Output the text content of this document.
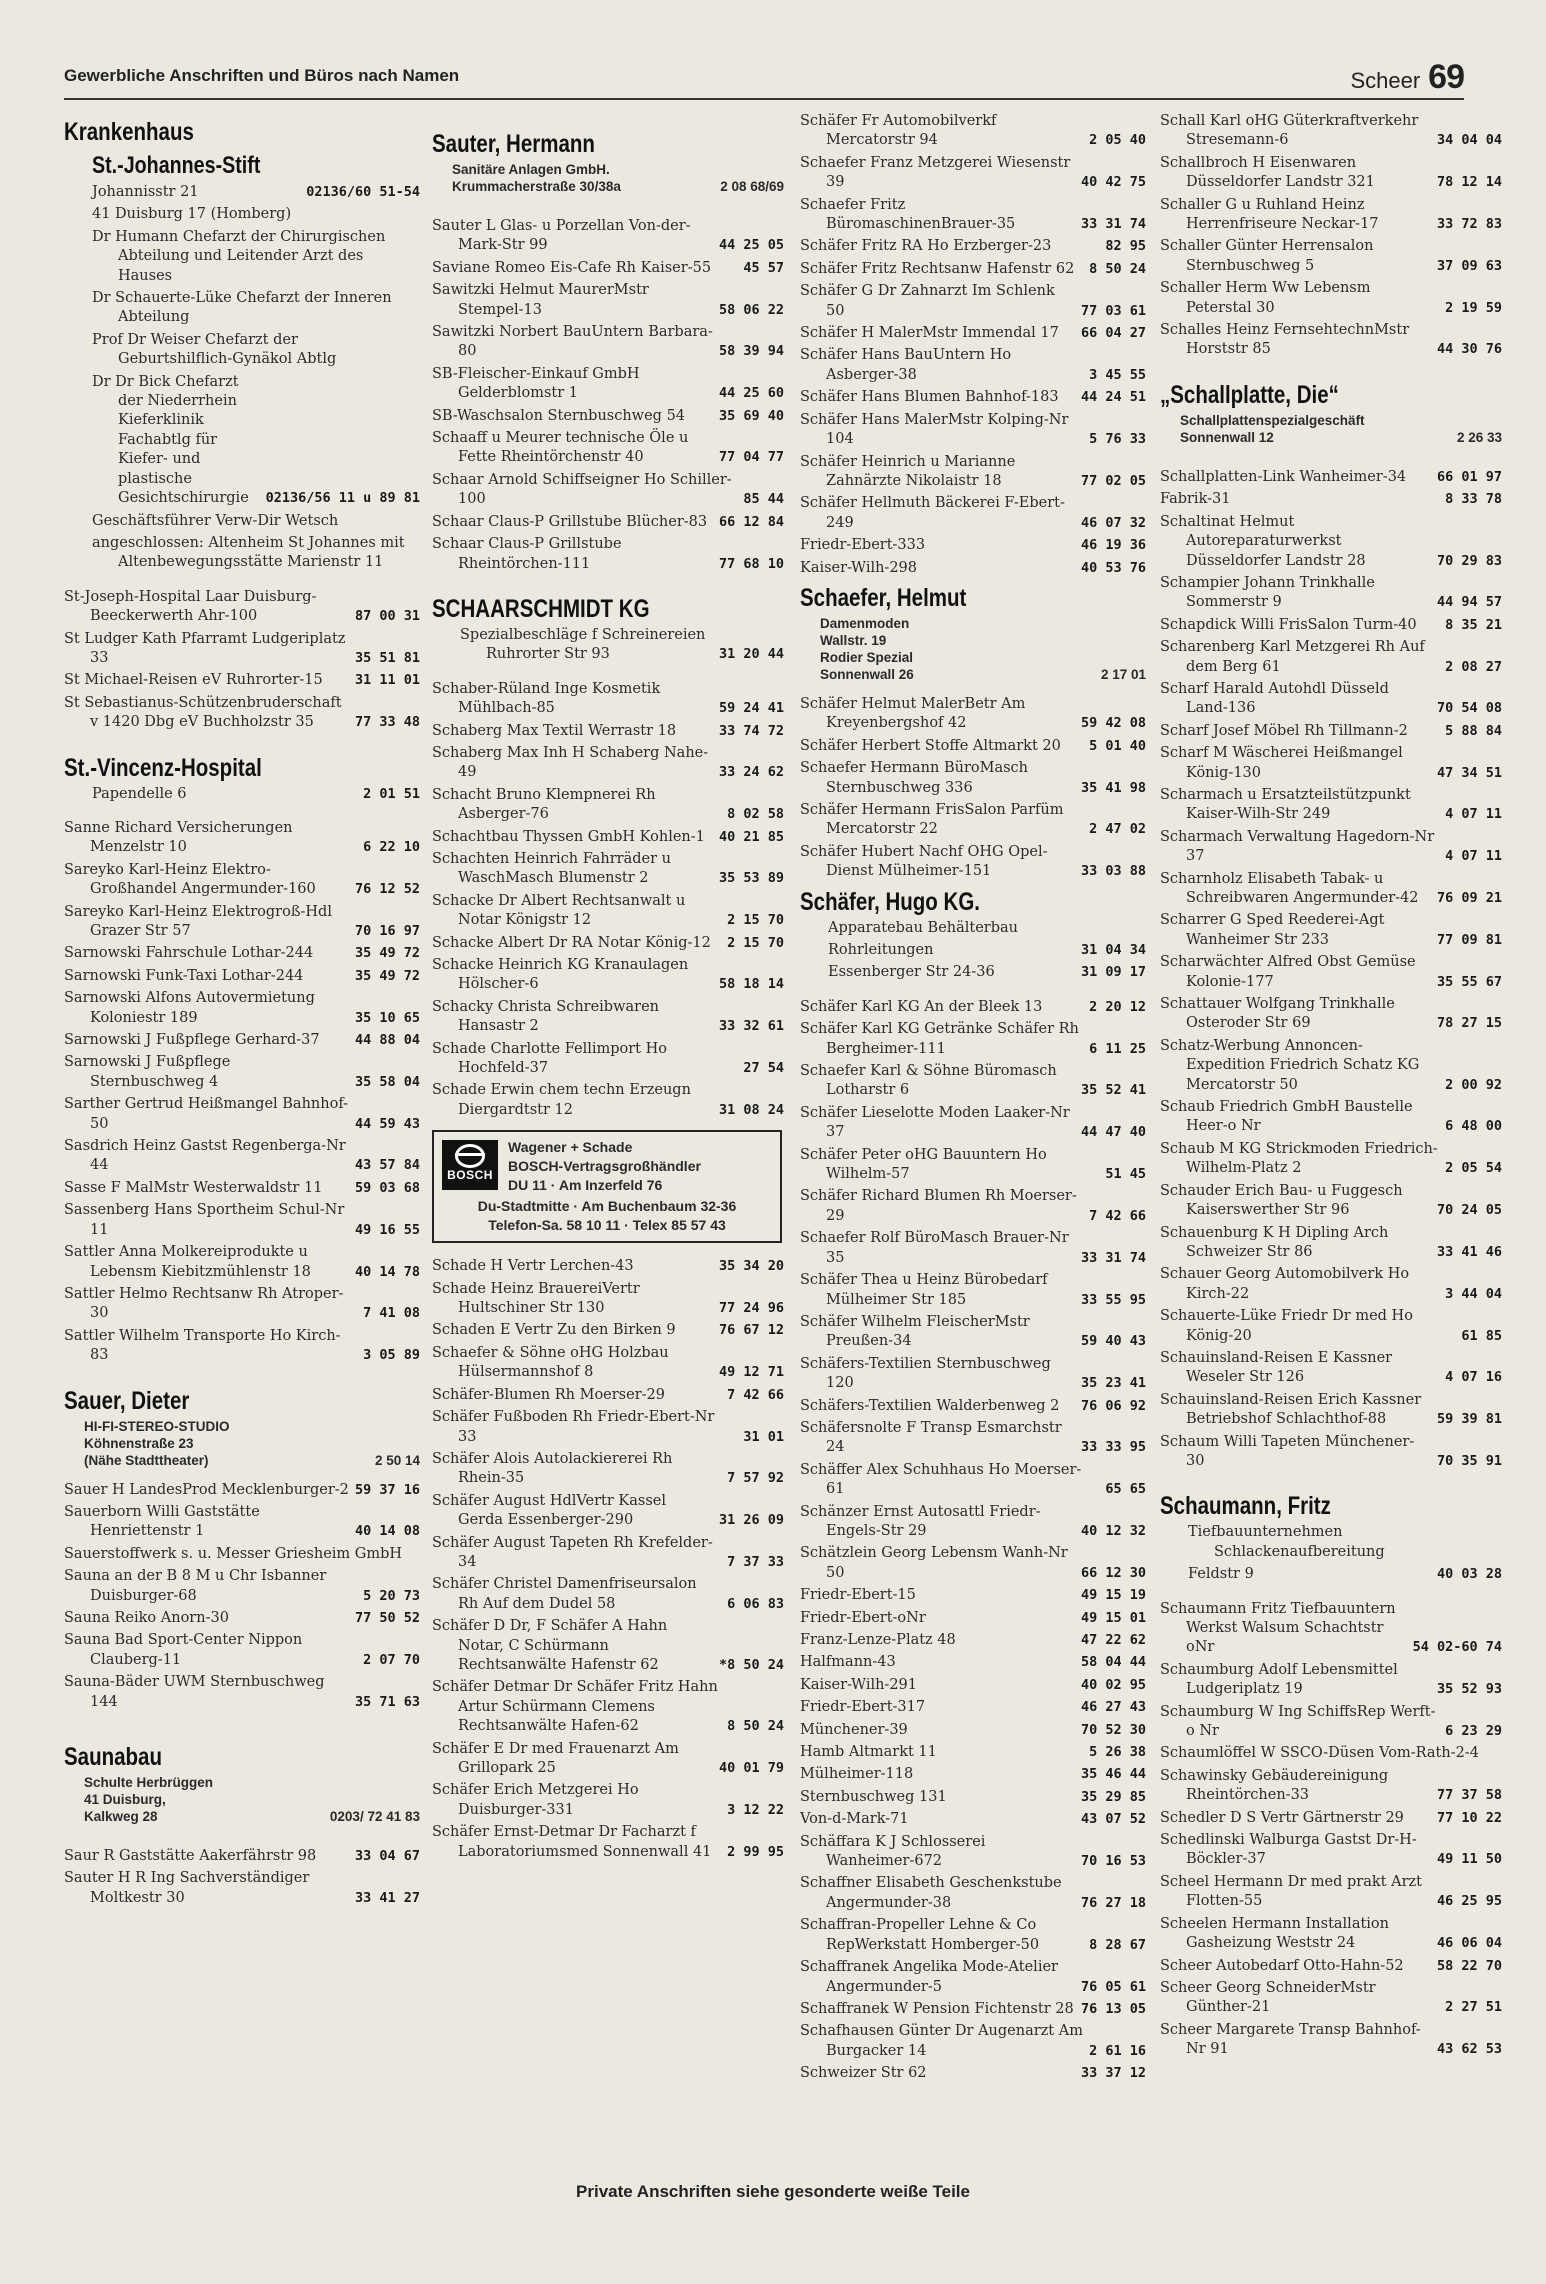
Gewerbliche Anschriften und Büros nach Namen	Scheer 69
Krankenhaus
St.-Johannes-Stift
Johannisstr 21	02136/60 51-54
41 Duisburg 17 (Homberg)
Dr Humann Chefarzt der Chirurgischen Abteilung und Leitender Arzt des Hauses
Dr Schauerte-Lüke Chefarzt der Inneren Abteilung
Prof Dr Weiser Chefarzt der Geburtshilflich-Gynäkol Abtlg
Dr Dr Bick Chefarzt der Niederrhein Kieferklinik Fachabtlg für Kiefer- und plastische Gesichtschirurgie	02136/56 11 u 89 81
Geschäftsführer Verw-Dir Wetsch
angeschlossen: Altenheim St Johannes mit Altenbewegungsstätte Marienstr 11
St-Joseph-Hospital Laar Duisburg-Beeckerwerth Ahr-100	87 00 31
St Ludger Kath Pfarramt Ludgeriplatz 33	35 51 81
St Michael-Reisen eV Ruhrorter-15	31 11 01
St Sebastianus-Schützenbruderschaft v 1420 Dbg eV Buchholzstr 35	77 33 48
St.-Vincenz-Hospital
Papendelle 6	2 01 51
Sanne Richard Versicherungen Menzelstr 10	6 22 10
Sareyko Karl-Heinz Elektro-Großhandel Angermunder-160	76 12 52
Sareyko Karl-Heinz Elektrogroß-Hdl Grazer Str 57	70 16 97
Sarnowski Fahrschule Lothar-244	35 49 72
Sarnowski Funk-Taxi Lothar-244	35 49 72
Sarnowski Alfons Autovermietung Koloniestr 189	35 10 65
Sarnowski J Fußpflege Gerhard-37	44 88 04
Sarnowski J Fußpflege Sternbuschweg 4	35 58 04
Sarther Gertrud Heißmangel Bahnhof-50	44 59 43
Sasdrich Heinz Gastst Regenberga-Nr 44	43 57 84
Sasse F MalMstr Westerwaldstr 11	59 03 68
Sassenberg Hans Sportheim Schul-Nr 11	49 16 55
Sattler Anna Molkereiprodukte u Lebensm Kiebitzmühlenstr 18	40 14 78
Sattler Helmo Rechtsanw Rh Atroper-30	7 41 08
Sattler Wilhelm Transporte Ho Kirch-83	3 05 89
Sauer, Dieter
HI-FI-STEREO-STUDIO
Köhnenstraße 23
(Nähe Stadttheater)	2 50 14
Sauer H LandesProd Mecklenburger-2 59 37 16
Sauerborn Willi Gaststätte Henriettenstr 1	40 14 08
Sauerstoffwerk s. u. Messer Griesheim GmbH
Sauna an der B 8 M u Chr Isbanner Duisburger-68	5 20 73
Sauna Reiko Anorn-30	77 50 52
Sauna Bad Sport-Center Nippon Clauberg-11	2 07 70
Sauna-Bäder UWM Sternbuschweg 144	35 71 63
Saunabau
Schulte Herbrüggen
41 Duisburg,
Kalkweg 28	0203/ 72 41 83
Saur R Gaststätte Aakerfährstr 98	33 04 67
Sauter H R Ing Sachverständiger Moltkestr 30	33 41 27
Sauter, Hermann
Sanitäre Anlagen GmbH.
Krummacherstraße 30/38a	2 08 68/69
Sauter L Glas- u Porzellan Von-der-Mark-Str 99	44 25 05
Saviane Romeo Eis-Cafe Rh Kaiser-55	45 57
Sawitzki Helmut MaurerMstr Stempel-13	58 06 22
Sawitzki Norbert BauUntern Barbara-80	58 39 94
SB-Fleischer-Einkauf GmbH Gelderblomstr 1	44 25 60
SB-Waschsalon Sternbuschweg 54	35 69 40
Schaaff u Meurer technische Öle u Fette Rheintörchenstr 40	77 04 77
Schaar Arnold Schiffseigner Ho Schiller-100	85 44
Schaar Claus-P Grillstube Blücher-83 66 12 84
Schaar Claus-P Grillstube Rheintörchen-111	77 68 10
SCHAARSCHMIDT KG
Spezialbeschläge f Schreinereien Ruhrorter Str 93	31 20 44
Schaber-Rüland Inge Kosmetik Mühlbach-85	59 24 41
Schaberg Max Textil Werrastr 18	33 74 72
Schaberg Max Inh H Schaberg Nahe-49	33 24 62
Schacht Bruno Klempnerei Rh Asberger-76	8 02 58
Schachtbau Thyssen GmbH Kohlen-1	40 21 85
Schachten Heinrich Fahrräder u WaschMasch Blumenstr 2	35 53 89
Schacke Dr Albert Rechtsanwalt u Notar Königstr 12	2 15 70
Schacke Albert Dr RA Notar König-12	2 15 70
Schacke Heinrich KG Kranaulagen Hölscher-6	58 18 14
Schacky Christa Schreibwaren Hansastr 2	33 32 61
Schade Charlotte Fellimport Ho Hochfeld-37	27 54
Schade Erwin chem techn Erzeugn Diergardtstr 12	31 08 24
BOSCH
Wagener + Schade
BOSCH-Vertragsgroßhändler
DU 11 · Am Inzerfeld 76
Du-Stadtmitte · Am Buchenbaum 32-36
Telefon-Sa. 58 10 11 · Telex 85 57 43
Schade H Vertr Lerchen-43	35 34 20
Schade Heinz BrauereiVertr Hultschiner Str 130	77 24 96
Schaden E Vertr Zu den Birken 9	76 67 12
Schaefer & Söhne oHG Holzbau Hülsermannshof 8	49 12 71
Schäfer-Blumen Rh Moerser-29	7 42 66
Schäfer Fußboden Rh Friedr-Ebert-Nr 33	31 01
Schäfer Alois Autolackiererei Rh Rhein-35	7 57 92
Schäfer August HdlVertr Kassel Gerda Essenberger-290	31 26 09
Schäfer August Tapeten Rh Krefelder-34	7 37 33
Schäfer Christel Damenfriseursalon Rh Auf dem Dudel 58	6 06 83
Schäfer D Dr, F Schäfer A Hahn Notar, C Schürmann Rechtsanwälte Hafenstr 62	*8 50 24
Schäfer Detmar Dr Schäfer Fritz Hahn Artur Schürmann Clemens Rechtsanwälte Hafen-62	8 50 24
Schäfer E Dr med Frauenarzt Am Grillopark 25	40 01 79
Schäfer Erich Metzgerei Ho Duisburger-331	3 12 22
Schäfer Ernst-Detmar Dr Facharzt f Laboratoriumsmed Sonnenwall 41	2 99 95
Schäfer Fr Automobilverkf Mercatorstr 94	2 05 40
Schaefer Franz Metzgerei Wiesenstr 39	40 42 75
Schaefer Fritz BüromaschinenBrauer-35	33 31 74
Schäfer Fritz RA Ho Erzberger-23	82 95
Schäfer Fritz Rechtsanw Hafenstr 62	8 50 24
Schäfer G Dr Zahnarzt Im Schlenk 50	77 03 61
Schäfer H MalerMstr Immendal 17	66 04 27
Schäfer Hans BauUntern Ho Asberger-38	3 45 55
Schäfer Hans Blumen Bahnhof-183	44 24 51
Schäfer Hans MalerMstr Kolping-Nr 104	5 76 33
Schäfer Heinrich u Marianne Zahnärzte Nikolaistr 18	77 02 05
Schäfer Hellmuth Bäckerei F-Ebert-249	46 07 32
Friedr-Ebert-333	46 19 36
Kaiser-Wilh-298	40 53 76
Schaefer, Helmut
Damenmoden
Wallstr. 19
Rodier Spezial
Sonnenwall 26	2 17 01
Schäfer Helmut MalerBetr Am Kreyenbergshof 42	59 42 08
Schäfer Herbert Stoffe Altmarkt 20	5 01 40
Schaefer Hermann BüroMasch Sternbuschweg 336	35 41 98
Schäfer Hermann FrisSalon Parfüm Mercatorstr 22	2 47 02
Schäfer Hubert Nachf OHG Opel-Dienst Mülheimer-151	33 03 88
Schäfer, Hugo KG.
Apparatebau Behälterbau
Rohrleitungen	31 04 34
Essenberger Str 24-36	31 09 17
Schäfer Karl KG An der Bleek 13	2 20 12
Schäfer Karl KG Getränke Schäfer Rh Bergheimer-111	6 11 25
Schaefer Karl & Söhne Büromasch Lotharstr 6	35 52 41
Schäfer Lieselotte Moden Laaker-Nr 37	44 47 40
Schäfer Peter oHG Bauuntern Ho Wilhelm-57	51 45
Schäfer Richard Blumen Rh Moerser-29	7 42 66
Schaefer Rolf BüroMasch Brauer-Nr 35	33 31 74
Schäfer Thea u Heinz Bürobedarf Mülheimer Str 185	33 55 95
Schäfer Wilhelm FleischerMstr Preußen-34	59 40 43
Schäfers-Textilien Sternbuschweg 120	35 23 41
Schäfers-Textilien Walderbenweg 2	76 06 92
Schäfersnolte F Transp Esmarchstr 24	33 33 95
Schäffer Alex Schuhhaus Ho Moerser-61	65 65
Schänzer Ernst Autosattl Friedr-Engels-Str 29	40 12 32
Schätzlein Georg Lebensm Wanh-Nr 50	66 12 30
Friedr-Ebert-15	49 15 19
Friedr-Ebert-oNr	49 15 01
Franz-Lenze-Platz 48	47 22 62
Halfmann-43	58 04 44
Kaiser-Wilh-291	40 02 95
Friedr-Ebert-317	46 27 43
Münchener-39	70 52 30
Hamb Altmarkt 11	5 26 38
Mülheimer-118	35 46 44
Sternbuschweg 131	35 29 85
Von-d-Mark-71	43 07 52
Schäffara K J Schlosserei Wanheimer-672	70 16 53
Schaffner Elisabeth Geschenkstube Angermunder-38	76 27 18
Schaffran-Propeller Lehne & Co RepWerkstatt Homberger-50	8 28 67
Schaffranek Angelika Mode-Atelier Angermunder-5	76 05 61
Schaffranek W Pension Fichtenstr 28 76 13 05
Schafhausen Günter Dr Augenarzt Am Burgacker 14	2 61 16
Schweizer Str 62	33 37 12
Schall Karl oHG Güterkraftverkehr Stresemann-6	34 04 04
Schallbroch H Eisenwaren Düsseldorfer Landstr 321	78 12 14
Schaller G u Ruhland Heinz Herrenfriseure Neckar-17	33 72 83
Schaller Günter Herrensalon Sternbuschweg 5	37 09 63
Schaller Herm Ww Lebensm Peterstal 30	2 19 59
Schalles Heinz FernsehtechnMstr Horststr 85	44 30 76
„Schallplatte, Die“
Schallplattenspezialgeschäft
Sonnenwall 12	2 26 33
Schallplatten-Link Wanheimer-34	66 01 97
Fabrik-31	8 33 78
Schaltinat Helmut Autoreparaturwerkst Düsseldorfer Landstr 28	70 29 83
Schampier Johann Trinkhalle Sommerstr 9	44 94 57
Schapdick Willi FrisSalon Turm-40	8 35 21
Scharenberg Karl Metzgerei Rh Auf dem Berg 61	2 08 27
Scharf Harald Autohdl Düsseld Land-136	70 54 08
Scharf Josef Möbel Rh Tillmann-2	5 88 84
Scharf M Wäscherei Heißmangel König-130	47 34 51
Scharmach u Ersatzteilstützpunkt Kaiser-Wilh-Str 249	4 07 11
Scharmach Verwaltung Hagedorn-Nr 37	4 07 11
Scharnholz Elisabeth Tabak- u Schreibwaren Angermunder-42	76 09 21
Scharrer G Sped Reederei-Agt Wanheimer Str 233	77 09 81
Scharwächter Alfred Obst Gemüse Kolonie-177	35 55 67
Schattauer Wolfgang Trinkhalle Osteroder Str 69	78 27 15
Schatz-Werbung Annoncen-Expedition Friedrich Schatz KG Mercatorstr 50	2 00 92
Schaub Friedrich GmbH Baustelle Heer-o Nr	6 48 00
Schaub M KG Strickmoden Friedrich-Wilhelm-Platz 2	2 05 54
Schauder Erich Bau- u Fuggesch Kaiserswerther Str 96	70 24 05
Schauenburg K H Dipling Arch Schweizer Str 86	33 41 46
Schauer Georg Automobilverk Ho Kirch-22	3 44 04
Schauerte-Lüke Friedr Dr med Ho König-20	61 85
Schauinsland-Reisen E Kassner Weseler Str 126	4 07 16
Schauinsland-Reisen Erich Kassner Betriebshof Schlachthof-88	59 39 81
Schaum Willi Tapeten Münchener-30	70 35 91
Schaumann, Fritz
Tiefbauunternehmen Schlackenaufbereitung
Feldstr 9	40 03 28
Schaumann Fritz Tiefbauuntern Werkst Walsum Schachtstr oNr	54 02-60 74
Schaumburg Adolf Lebensmittel Ludgeriplatz 19	35 52 93
Schaumburg W Ing SchiffsRep Werft-o Nr	6 23 29
Schaumlöffel W SSCO-Düsen Vom-Rath-2-4
Schawinsky Gebäudereinigung Rheintörchen-33	77 37 58
Schedler D S Vertr Gärtnerstr 29	77 10 22
Schedlinski Walburga Gastst Dr-H-Böckler-37	49 11 50
Scheel Hermann Dr med prakt Arzt Flotten-55	46 25 95
Scheelen Hermann Installation Gasheizung Weststr 24	46 06 04
Scheer Autobedarf Otto-Hahn-52	58 22 70
Scheer Georg SchneiderMstr Günther-21	2 27 51
Scheer Margarete Transp Bahnhof-Nr 91	43 62 53
Private Anschriften siehe gesonderte weiße Teile
